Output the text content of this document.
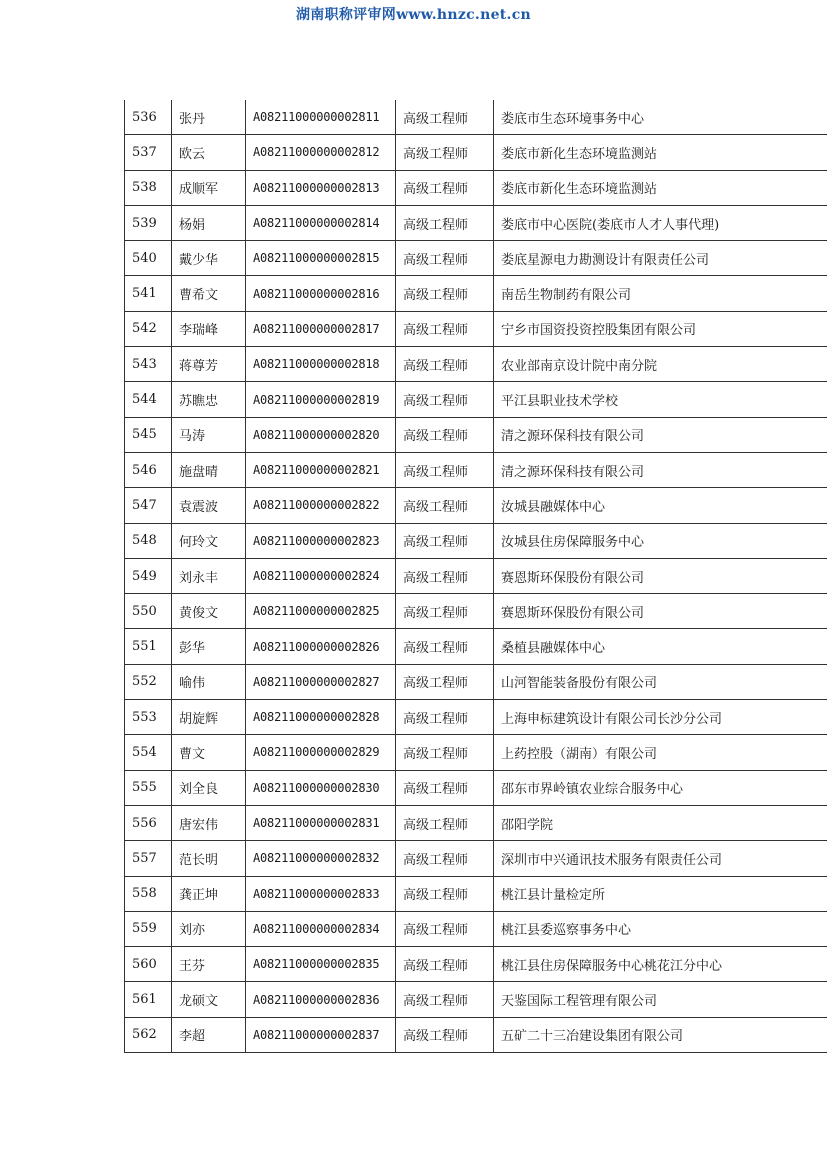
湖南职称评审网www.hnzc.net.cn
536	张丹	A08211000000002811	高级工程师	娄底市生态环境事务中心
537	欧云	A08211000000002812	高级工程师	娄底市新化生态环境监测站
538	成顺军	A08211000000002813	高级工程师	娄底市新化生态环境监测站
539	杨娟	A08211000000002814	高级工程师	娄底市中心医院(娄底市人才人事代理)
540	戴少华	A08211000000002815	高级工程师	娄底星源电力勘测设计有限责任公司
541	曹希文	A08211000000002816	高级工程师	南岳生物制药有限公司
542	李瑞峰	A08211000000002817	高级工程师	宁乡市国资投资控股集团有限公司
543	蒋尊芳	A08211000000002818	高级工程师	农业部南京设计院中南分院
544	苏瞧忠	A08211000000002819	高级工程师	平江县职业技术学校
545	马涛	A08211000000002820	高级工程师	清之源环保科技有限公司
546	施盘晴	A08211000000002821	高级工程师	清之源环保科技有限公司
547	袁震波	A08211000000002822	高级工程师	汝城县融媒体中心
548	何玲文	A08211000000002823	高级工程师	汝城县住房保障服务中心
549	刘永丰	A08211000000002824	高级工程师	赛恩斯环保股份有限公司
550	黄俊文	A08211000000002825	高级工程师	赛恩斯环保股份有限公司
551	彭华	A08211000000002826	高级工程师	桑植县融媒体中心
552	喻伟	A08211000000002827	高级工程师	山河智能装备股份有限公司
553	胡旋辉	A08211000000002828	高级工程师	上海申标建筑设计有限公司长沙分公司
554	曹文	A08211000000002829	高级工程师	上药控股（湖南）有限公司
555	刘全良	A08211000000002830	高级工程师	邵东市界岭镇农业综合服务中心
556	唐宏伟	A08211000000002831	高级工程师	邵阳学院
557	范长明	A08211000000002832	高级工程师	深圳市中兴通讯技术服务有限责任公司
558	龚正坤	A08211000000002833	高级工程师	桃江县计量检定所
559	刘亦	A08211000000002834	高级工程师	桃江县委巡察事务中心
560	王芬	A08211000000002835	高级工程师	桃江县住房保障服务中心桃花江分中心
561	龙硕文	A08211000000002836	高级工程师	天鉴国际工程管理有限公司
562	李超	A08211000000002837	高级工程师	五矿二十三冶建设集团有限公司
